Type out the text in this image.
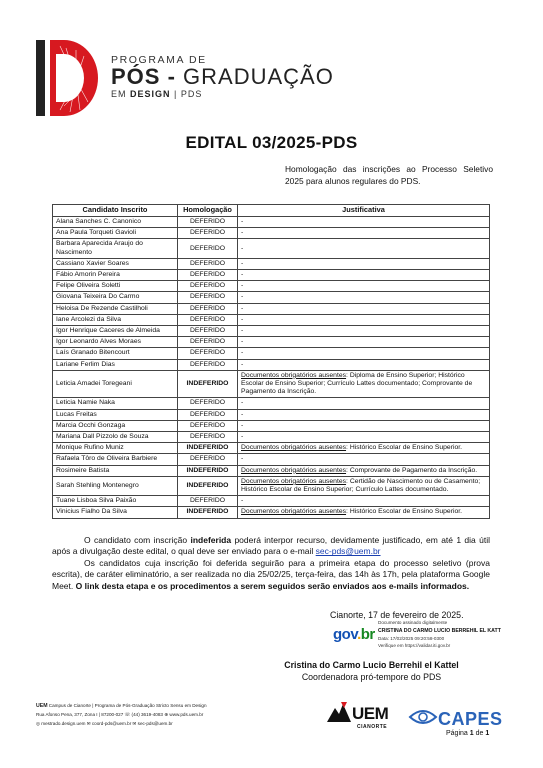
PROGRAMA DE
PÓS - GRADUAÇÃO
EM DESIGN | PDS
EDITAL 03/2025-PDS
Homologação das inscrições ao Processo Seletivo 2025 para alunos regulares do PDS.
Candidato Inscrito	Homologação	Justificativa
Alana Sanches C. Canonico	DEFERIDO	-
Ana Paula Torqueti Gavioli	DEFERIDO	-
Barbara Aparecida Araujo do Nascimento	DEFERIDO	-
Cassiano Xavier Soares	DEFERIDO	-
Fábio Amorin Pereira	DEFERIDO	-
Felipe Oliveira Soletti	DEFERIDO	-
Giovana Teixeira Do Carmo	DEFERIDO	-
Heloisa De Rezende Castilholi	DEFERIDO	-
Iane Arcolezi da Silva	DEFERIDO	-
Igor Henrique Caceres de Almeida	DEFERIDO	-
Igor Leonardo Alves Moraes	DEFERIDO	-
Laís Granado Bitencourt	DEFERIDO	-
Lariane Ferlim Dias	DEFERIDO	-
Leticia Amadei Toregeani	INDEFERIDO	Documentos obrigatórios ausentes: Diploma de Ensino Superior; Histórico Escolar de Ensino Superior; Currículo Lattes documentado; Comprovante de Pagamento da Inscrição.
Leticia Namie Naka	DEFERIDO	-
Lucas Freitas	DEFERIDO	-
Marcia Occhi Gonzaga	DEFERIDO	-
Mariana Dall Pizzolo de Souza	DEFERIDO	-
Monique Rufino Muniz	INDEFERIDO	Documentos obrigatórios ausentes: Histórico Escolar de Ensino Superior.
Rafaela Tôro de Oliveira Barbiere	DEFERIDO	-
Rosimeire Batista	INDEFERIDO	Documentos obrigatórios ausentes: Comprovante de Pagamento da Inscrição.
Sarah Stehling Montenegro	INDEFERIDO	Documentos obrigatórios ausentes: Certidão de Nascimento ou de Casamento; Histórico Escolar de Ensino Superior; Currículo Lattes documentado.
Tuane Lisboa Silva Paixão	DEFERIDO	-
Vinicius Fialho Da Silva	INDEFERIDO	Documentos obrigatórios ausentes: Histórico Escolar de Ensino Superior.
O candidato com inscrição indeferida poderá interpor recurso, devidamente justificado, em até 1 dia útil após a divulgação deste edital, o qual deve ser enviado para o e-mail sec-pds@uem.br
Os candidatos cuja inscrição foi deferida seguirão para a primeira etapa do processo seletivo (prova escrita), de caráter eliminatório, a ser realizada no dia 25/02/25, terça-feira, das 14h às 17h, pela plataforma Google Meet. O link desta etapa e os procedimentos a serem seguidos serão enviados aos e-mails informados.
Cianorte, 17 de fevereiro de 2025.
gov.br
Documento assinado digitalmente
CRISTINA DO CARMO LUCIO BERREHIL EL KATT
Data: 17/02/2025 09:20:58-0300
Verifique em https://validar.iti.gov.br
Cristina do Carmo Lucio Berrehil el Kattel
Coordenadora pró-tempore do PDS
UEM Campus de Cianorte | Programa de Pós-Graduação Stricto Sensu em Design
Rua Afonso Pena, 377, Zona I | 87200-027 ☏ (44) 3619-4083 ⊕ www.pds.uem.br
◎ mestrado.design.uem ✉ coord-pds@uem.br ✉ sec-pds@uem.br
UEM
CIANORTE	CAPES
Página 1 de 1
